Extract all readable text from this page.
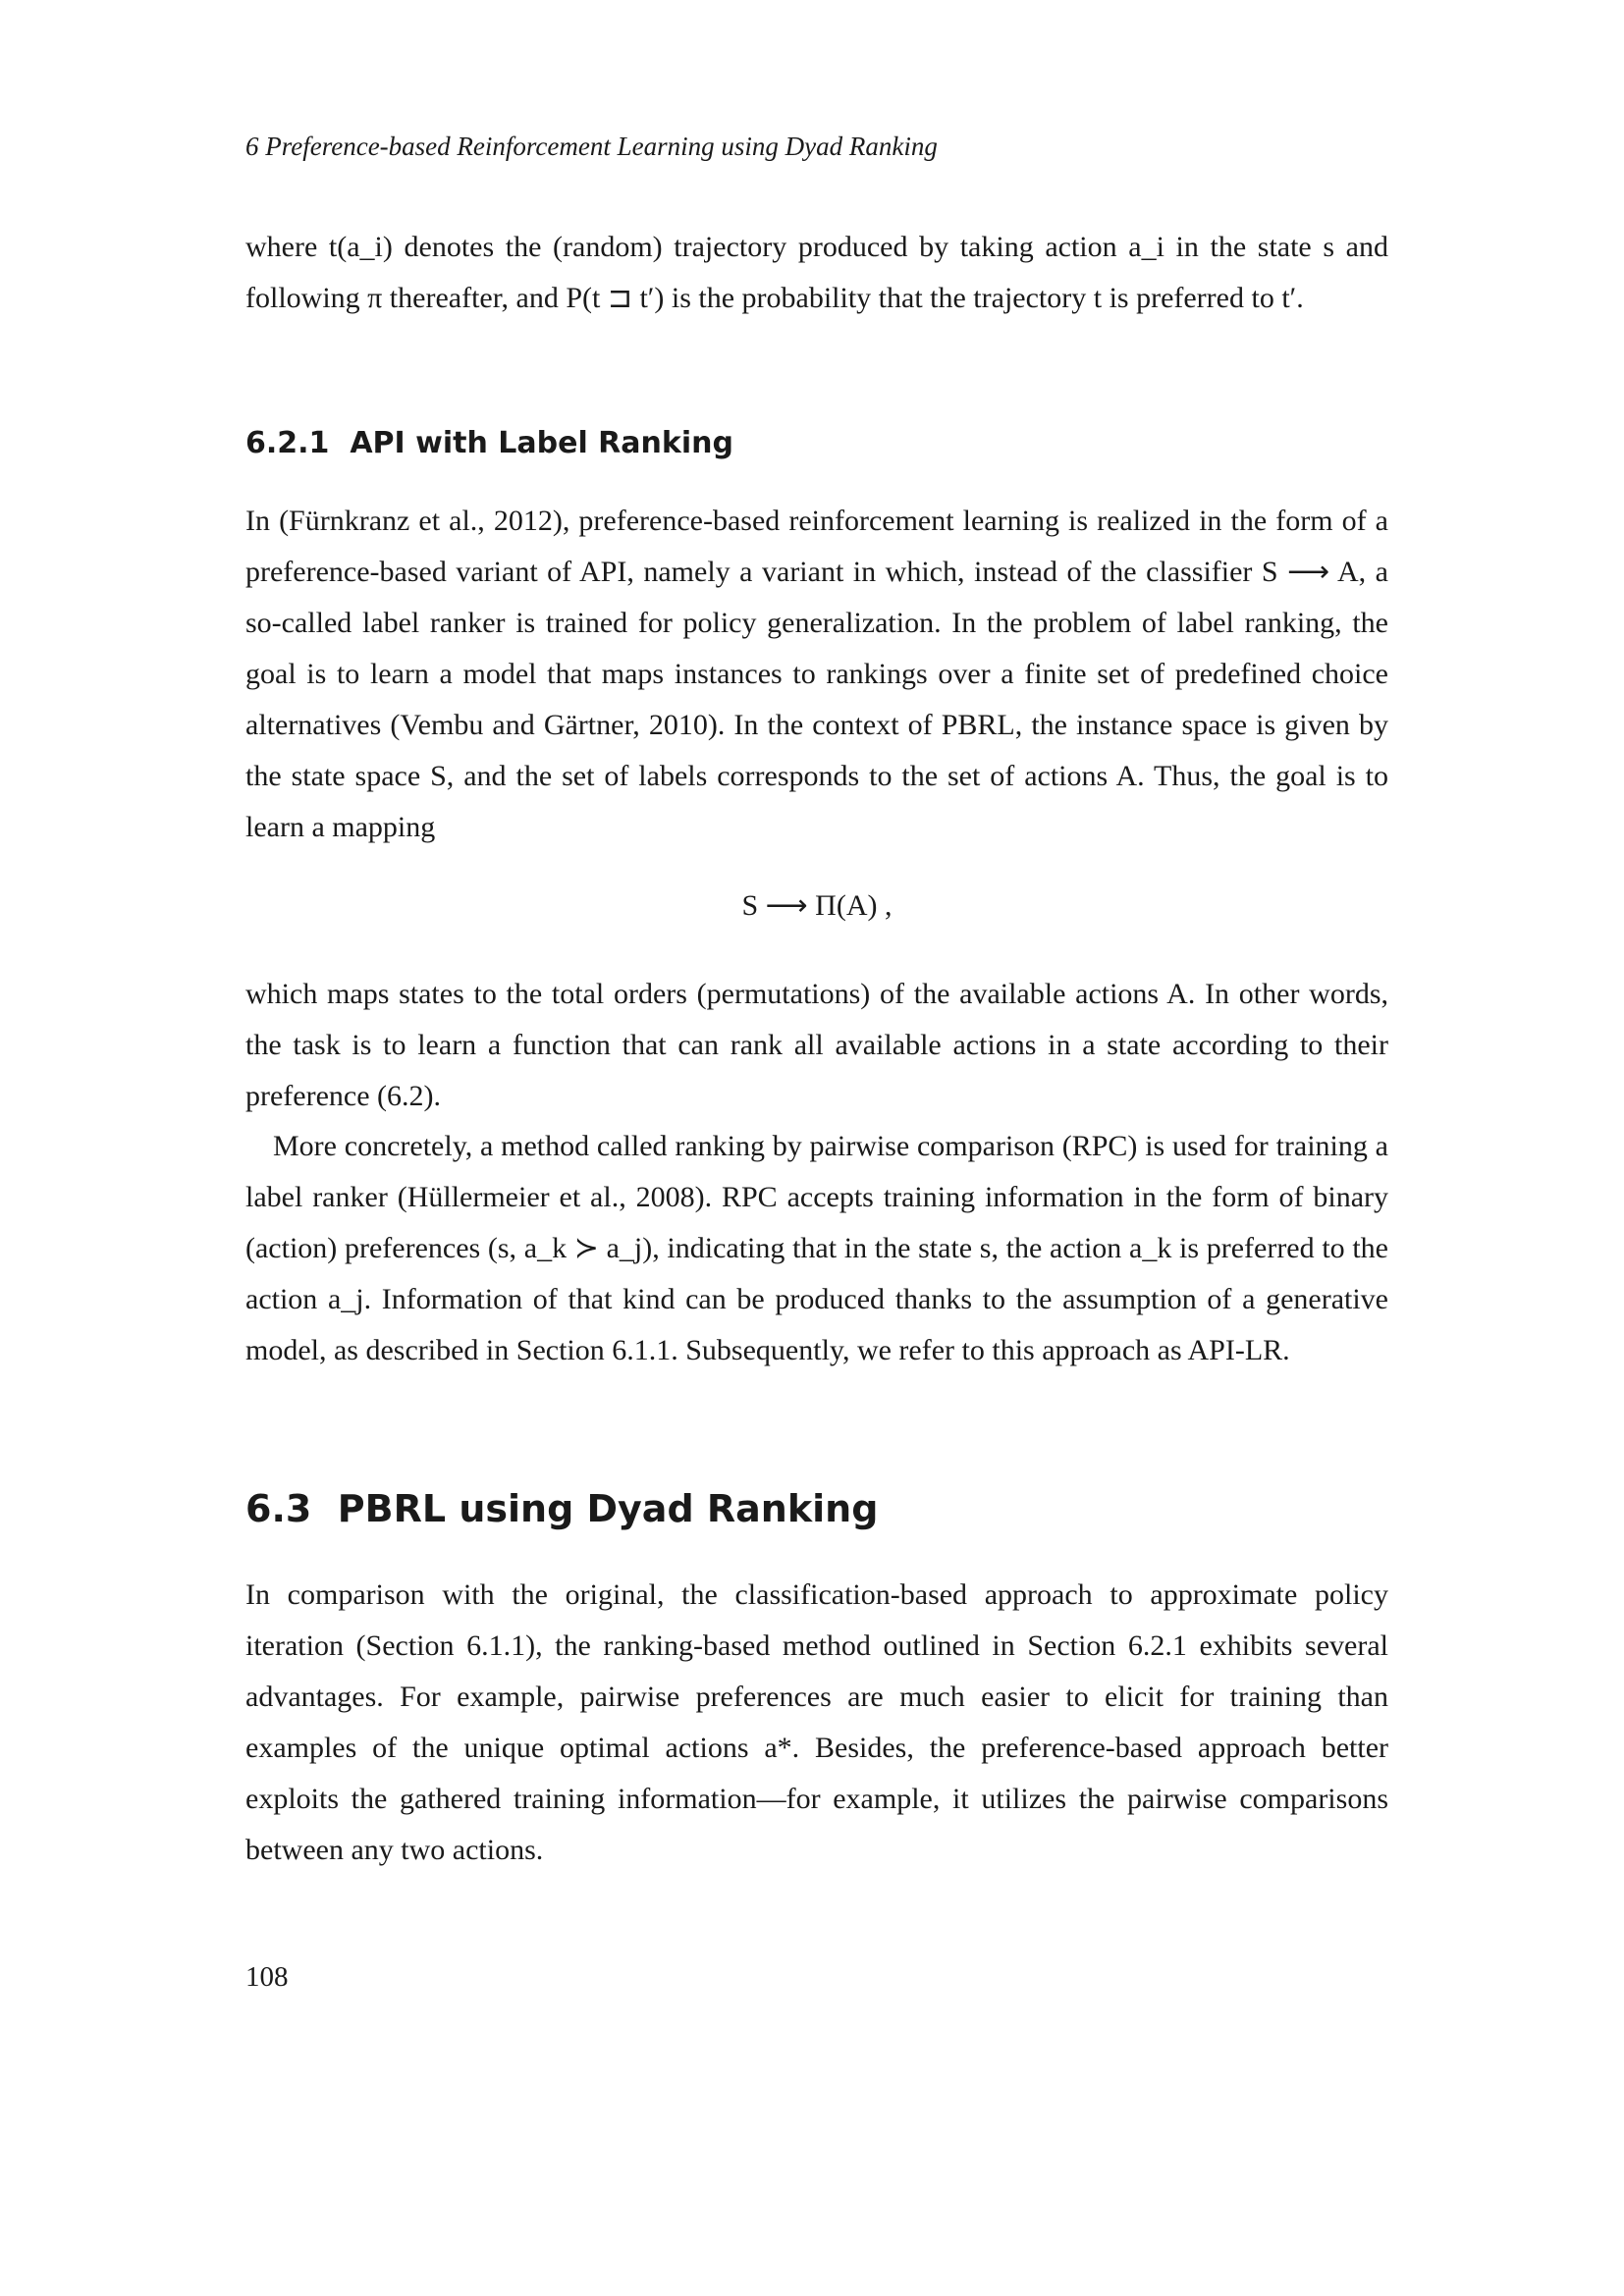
6 Preference-based Reinforcement Learning using Dyad Ranking

where t(a_i) denotes the (random) trajectory produced by taking action a_i in the state s and following π thereafter, and P(t ⊐ t′) is the probability that the trajectory t is preferred to t′.

6.2.1 API with Label Ranking

In (Fürnkranz et al., 2012), preference-based reinforcement learning is realized in the form of a preference-based variant of API, namely a variant in which, instead of the classifier S ⟶ A, a so-called label ranker is trained for policy generalization. In the problem of label ranking, the goal is to learn a model that maps instances to rankings over a finite set of predefined choice alternatives (Vembu and Gärtner, 2010). In the context of PBRL, the instance space is given by the state space S, and the set of labels corresponds to the set of actions A. Thus, the goal is to learn a mapping

S ⟶ Π(A) ,

which maps states to the total orders (permutations) of the available actions A. In other words, the task is to learn a function that can rank all available actions in a state according to their preference (6.2).

More concretely, a method called ranking by pairwise comparison (RPC) is used for training a label ranker (Hüllermeier et al., 2008). RPC accepts training information in the form of binary (action) preferences (s, a_k ≻ a_j), indicating that in the state s, the action a_k is preferred to the action a_j. Information of that kind can be produced thanks to the assumption of a generative model, as described in Section 6.1.1. Subsequently, we refer to this approach as API-LR.

6.3 PBRL using Dyad Ranking

In comparison with the original, the classification-based approach to approximate policy iteration (Section 6.1.1), the ranking-based method outlined in Section 6.2.1 exhibits several advantages. For example, pairwise preferences are much easier to elicit for training than examples of the unique optimal actions a*. Besides, the preference-based approach better exploits the gathered training information—for example, it utilizes the pairwise comparisons between any two actions.

108
